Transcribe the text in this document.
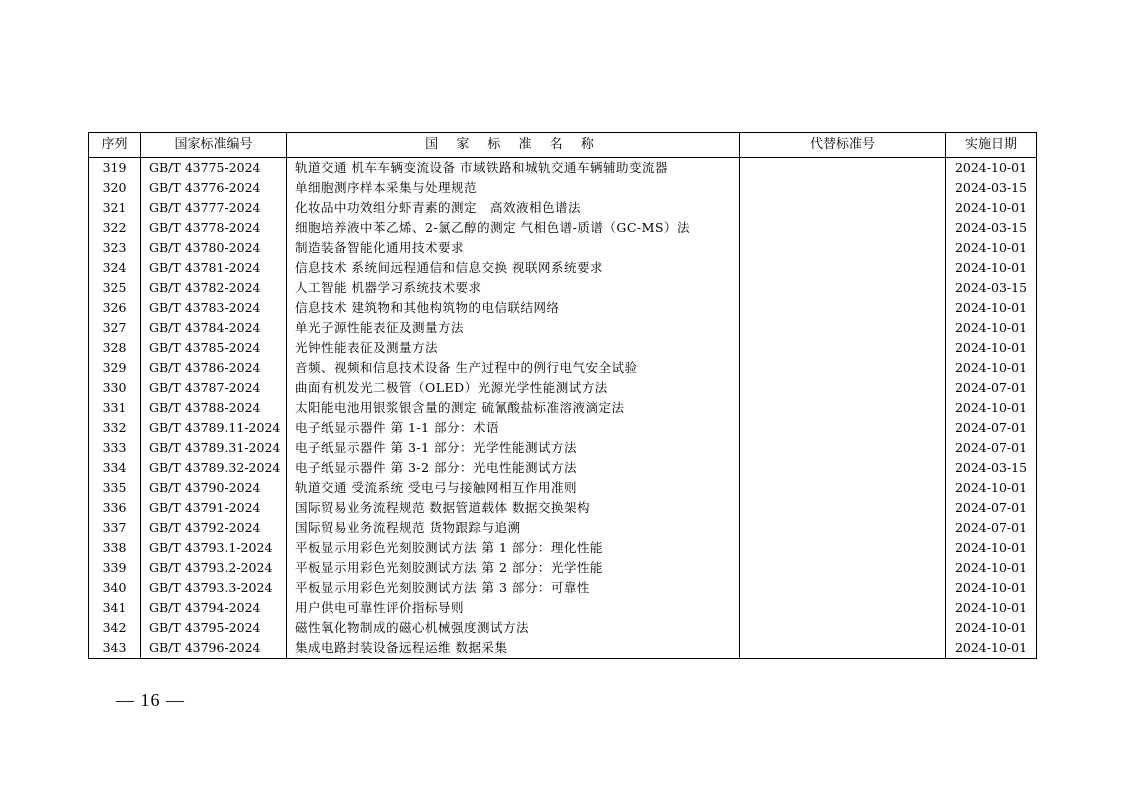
序列	国家标准编号	国 家 标 准 名 称	代替标准号	实施日期
319	GB/T 43775-2024	轨道交通 机车车辆变流设备 市域铁路和城轨交通车辆辅助变流器		2024-10-01
320	GB/T 43776-2024	单细胞测序样本采集与处理规范		2024-03-15
321	GB/T 43777-2024	化妆品中功效组分虾青素的测定　高效液相色谱法		2024-10-01
322	GB/T 43778-2024	细胞培养液中苯乙烯、2-氯乙醇的测定 气相色谱-质谱（GC-MS）法		2024-03-15
323	GB/T 43780-2024	制造装备智能化通用技术要求		2024-10-01
324	GB/T 43781-2024	信息技术 系统间远程通信和信息交换 视联网系统要求		2024-10-01
325	GB/T 43782-2024	人工智能 机器学习系统技术要求		2024-03-15
326	GB/T 43783-2024	信息技术 建筑物和其他构筑物的电信联结网络		2024-10-01
327	GB/T 43784-2024	单光子源性能表征及测量方法		2024-10-01
328	GB/T 43785-2024	光钟性能表征及测量方法		2024-10-01
329	GB/T 43786-2024	音频、视频和信息技术设备 生产过程中的例行电气安全试验		2024-10-01
330	GB/T 43787-2024	曲面有机发光二极管（OLED）光源光学性能测试方法		2024-07-01
331	GB/T 43788-2024	太阳能电池用银浆银含量的测定 硫氰酸盐标准溶液滴定法		2024-10-01
332	GB/T 43789.11-2024	电子纸显示器件 第 1-1 部分：术语		2024-07-01
333	GB/T 43789.31-2024	电子纸显示器件 第 3-1 部分：光学性能测试方法		2024-07-01
334	GB/T 43789.32-2024	电子纸显示器件 第 3-2 部分：光电性能测试方法		2024-03-15
335	GB/T 43790-2024	轨道交通 受流系统 受电弓与接触网相互作用准则		2024-10-01
336	GB/T 43791-2024	国际贸易业务流程规范 数据管道载体 数据交换架构		2024-07-01
337	GB/T 43792-2024	国际贸易业务流程规范 货物跟踪与追溯		2024-07-01
338	GB/T 43793.1-2024	平板显示用彩色光刻胶测试方法 第 1 部分：理化性能		2024-10-01
339	GB/T 43793.2-2024	平板显示用彩色光刻胶测试方法 第 2 部分：光学性能		2024-10-01
340	GB/T 43793.3-2024	平板显示用彩色光刻胶测试方法 第 3 部分：可靠性		2024-10-01
341	GB/T 43794-2024	用户供电可靠性评价指标导则		2024-10-01
342	GB/T 43795-2024	磁性氧化物制成的磁心机械强度测试方法		2024-10-01
343	GB/T 43796-2024	集成电路封装设备远程运维 数据采集		2024-10-01
— 16 —
